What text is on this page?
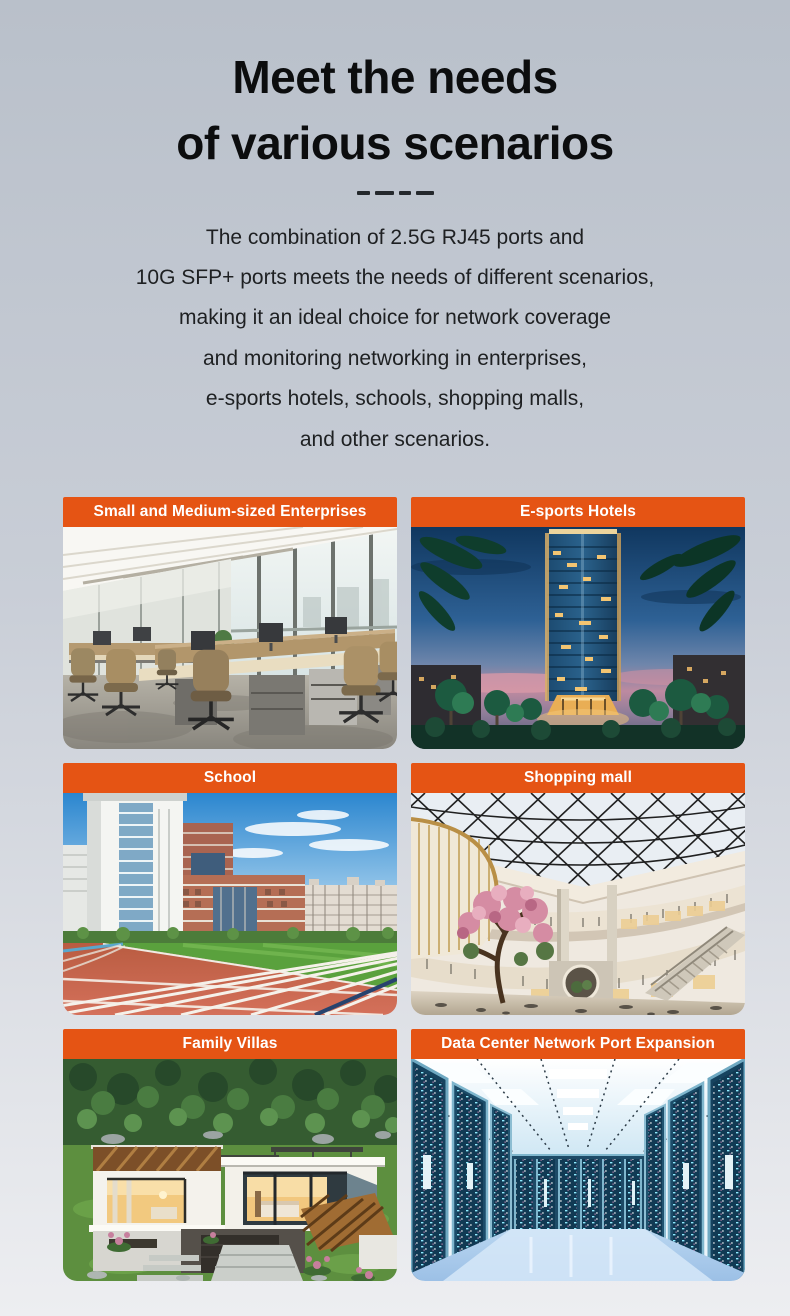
Meet the needs
of various scenarios
The combination of 2.5G RJ45 ports and
10G SFP+ ports meets the needs of different scenarios,
making it an ideal choice for network coverage
and monitoring networking in enterprises,
e-sports hotels, schools, shopping malls,
and other scenarios.
Small and Medium-sized Enterprises	E-sports Hotels
School	Shopping mall
Family Villas	Data Center Network Port Expansion
